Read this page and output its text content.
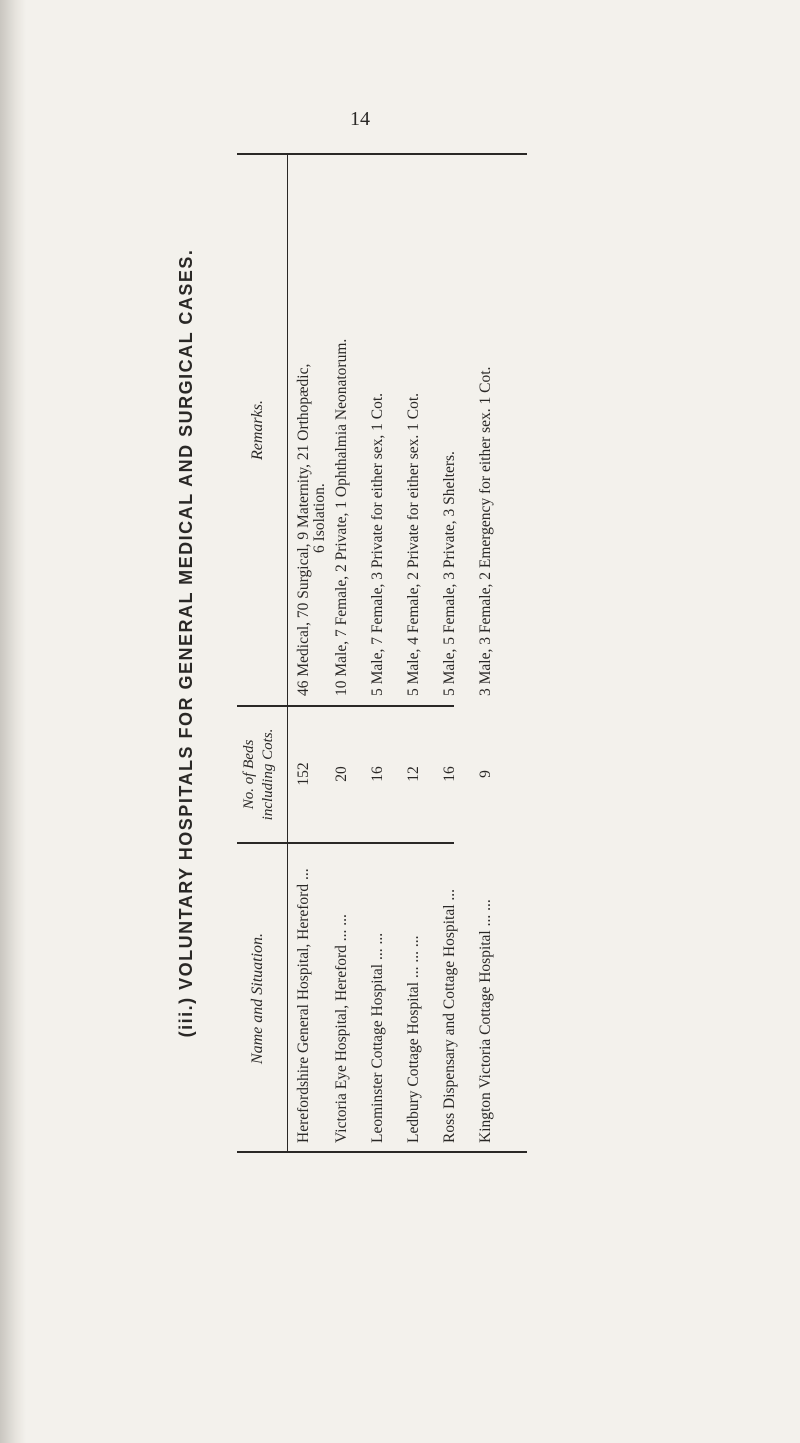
14
(iii.) VOLUNTARY HOSPITALS FOR GENERAL MEDICAL AND SURGICAL CASES.	Name and Situation.
No. of Beds including Cots.
Remarks.
Herefordshire General Hospital, Hereford ...
152
46 Medical, 70 Surgical, 9 Maternity, 21 Orthopædic, 6 Isolation.
Victoria Eye Hospital, Hereford ... ...
20
10 Male, 7 Female, 2 Private, 1 Ophthalmia Neonatorum.
Leominster Cottage Hospital ... ...
16
5 Male, 7 Female, 3 Private for either sex, 1 Cot.
Ledbury Cottage Hospital ... ... ...
12
5 Male, 4 Female, 2 Private for either sex. 1 Cot.
Ross Dispensary and Cottage Hospital ...
16
5 Male, 5 Female, 3 Private, 3 Shelters.
Kington Victoria Cottage Hospital ... ...
9
3 Male, 3 Female, 2 Emergency for either sex. 1 Cot.
